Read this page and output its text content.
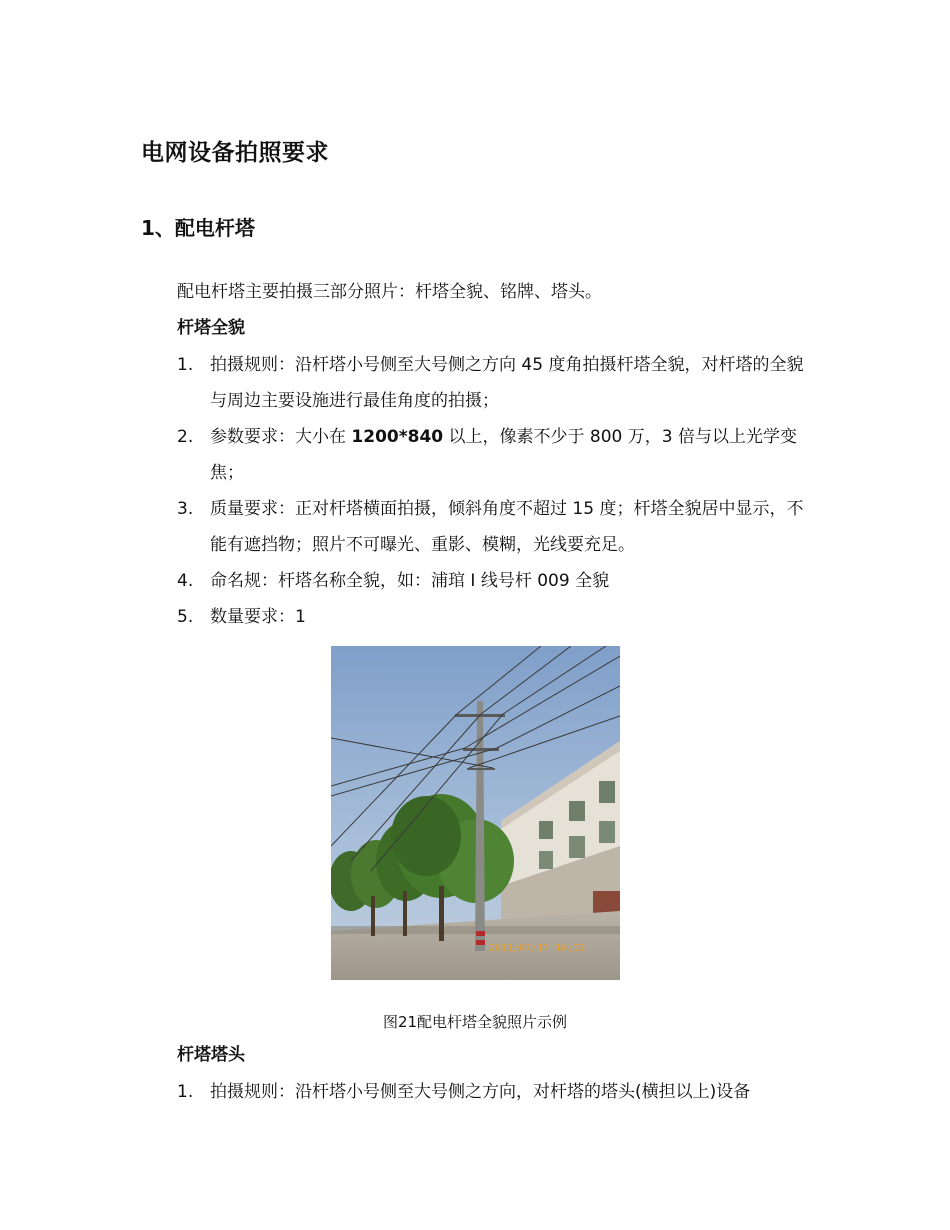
电网设备拍照要求
1、配电杆塔

配电杆塔主要拍摄三部分照片：杆塔全貌、铭牌、塔头。

杆塔全貌

1. 拍摄规则：沿杆塔小号侧至大号侧之方向 45 度角拍摄杆塔全貌，对杆塔的全貌与周边主要设施进行最佳角度的拍摄；
2. 参数要求：大小在 1200*840 以上，像素不少于 800 万，3 倍与以上光学变焦；
3. 质量要求：正对杆塔横面拍摄，倾斜角度不超过 15 度；杆塔全貌居中显示，不能有遮挡物；照片不可曝光、重影、模糊，光线要充足。
4. 命名规：杆塔名称全貌，如：浦琯 I 线号杆 009 全貌
5. 数量要求：1
2011/07/17 16:32

图21配电杆塔全貌照片示例

杆塔塔头

1. 拍摄规则：沿杆塔小号侧至大号侧之方向，对杆塔的塔头(横担以上)设备
